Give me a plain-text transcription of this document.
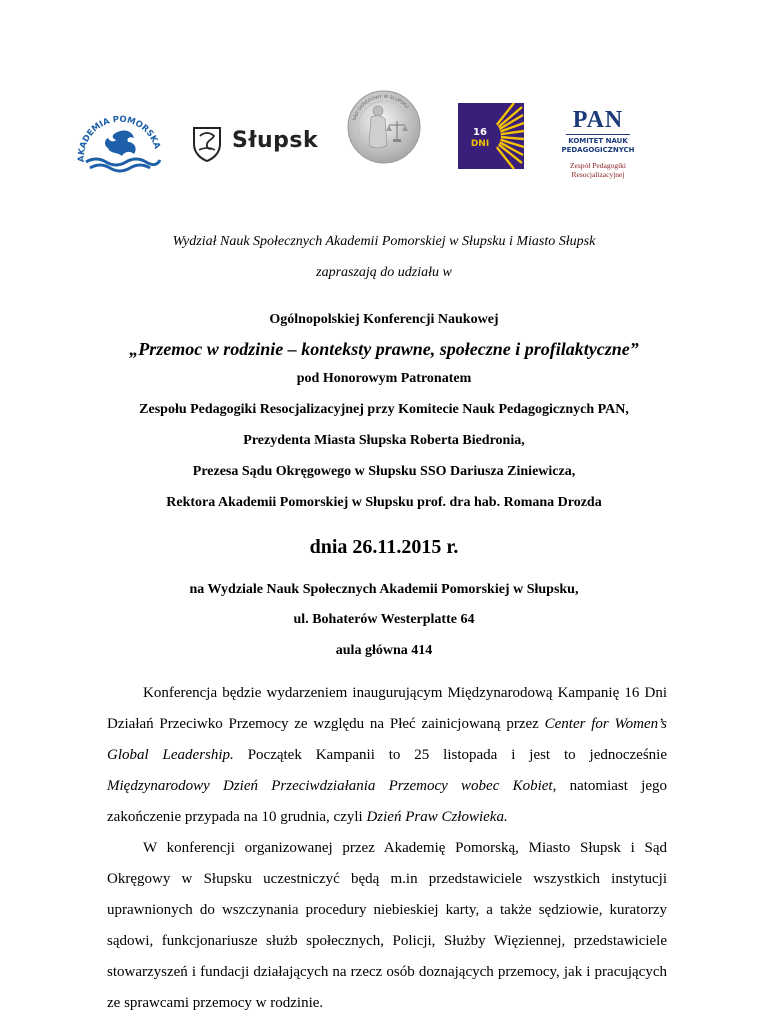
AKADEMIA POMORSKA	Słupsk
SĄD OKRĘGOWY W SŁUPSKU
16
DNI
PAN
KOMITET NAUK
PEDAGOGICZNYCH
Zespół Pedagogiki
Resocjalizacyjnej
Wydział Nauk Społecznych Akademii Pomorskiej w Słupsku i Miasto Słupsk
zapraszają do udziału w
Ogólnopolskiej Konferencji Naukowej
„Przemoc w rodzinie – konteksty prawne, społeczne i profilaktyczne”
pod Honorowym Patronatem
Zespołu Pedagogiki Resocjalizacyjnej przy Komitecie Nauk Pedagogicznych PAN,
Prezydenta Miasta Słupska Roberta Biedronia,
Prezesa Sądu Okręgowego w Słupsku SSO Dariusza Ziniewicza,
Rektora Akademii Pomorskiej w Słupsku prof. dra hab. Romana Drozda
dnia 26.11.2015 r.
na Wydziale Nauk Społecznych Akademii Pomorskiej w Słupsku,
ul. Bohaterów Westerplatte 64
aula główna 414

Konferencja będzie wydarzeniem inaugurującym Międzynarodową Kampanię 16 Dni Działań Przeciwko Przemocy ze względu na Płeć zainicjowaną przez Center for Women’s Global Leadership. Początek Kampanii to 25 listopada i jest to jednocześnie Międzynarodowy Dzień Przeciwdziałania Przemocy wobec Kobiet, natomiast jego zakończenie przypada na 10 grudnia, czyli Dzień Praw Człowieka.

W konferencji organizowanej przez Akademię Pomorską, Miasto Słupsk i Sąd Okręgowy w Słupsku uczestniczyć będą m.in przedstawiciele wszystkich instytucji uprawnionych do wszczynania procedury niebieskiej karty, a także sędziowie, kuratorzy sądowi, funkcjonariusze służb społecznych, Policji, Służby Więziennej, przedstawiciele stowarzyszeń i fundacji działających na rzecz osób doznających przemocy, jak i pracujących ze sprawcami przemocy w rodzinie.
